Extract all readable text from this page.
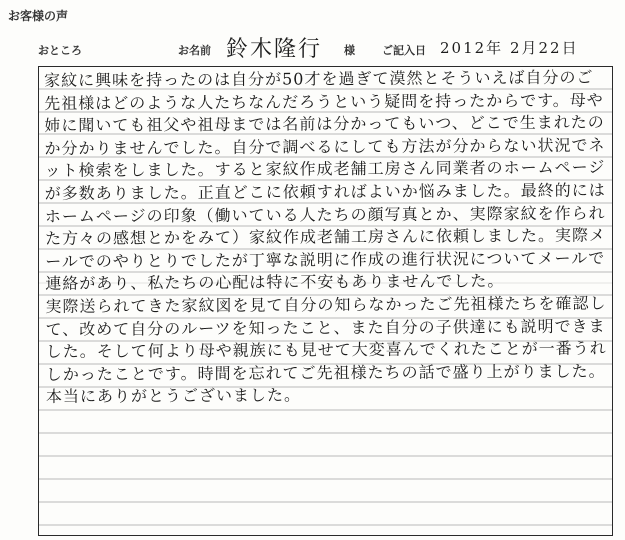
お客様の声
おところ	お名前 鈴木隆行 様 ご記入日 2012年 2月22日
家紋に興味を持ったのは自分が50才を過ぎて漠然とそういえば自分のご先祖様はどのような人たちなんだろうという疑問を持ったからです。母や姉に聞いても祖父や祖母までは名前は分かってもいつ、どこで生まれたのか分かりませんでした。自分で調べるにしても方法が分からない状況でネット検索をしました。すると家紋作成老舗工房さん同業者のホームページが多数ありました。正直どこに依頼すればよいか悩みました。最終的にはホームページの印象（働いている人たちの顔写真とか、実際家紋を作られた方々の感想とかをみて）家紋作成老舗工房さんに依頼しました。実際メールでのやりとりでしたが丁寧な説明に作成の進行状況についてメールで連絡があり、私たちの心配は特に不安もありませんでした。
実際送られてきた家紋図を見て自分の知らなかったご先祖様たちを確認して、改めて自分のルーツを知ったこと、また自分の子供達にも説明できました。そして何より母や親族にも見せて大変喜んでくれたことが一番うれしかったことです。時間を忘れてご先祖様たちの話で盛り上がりました。
本当にありがとうございました。
